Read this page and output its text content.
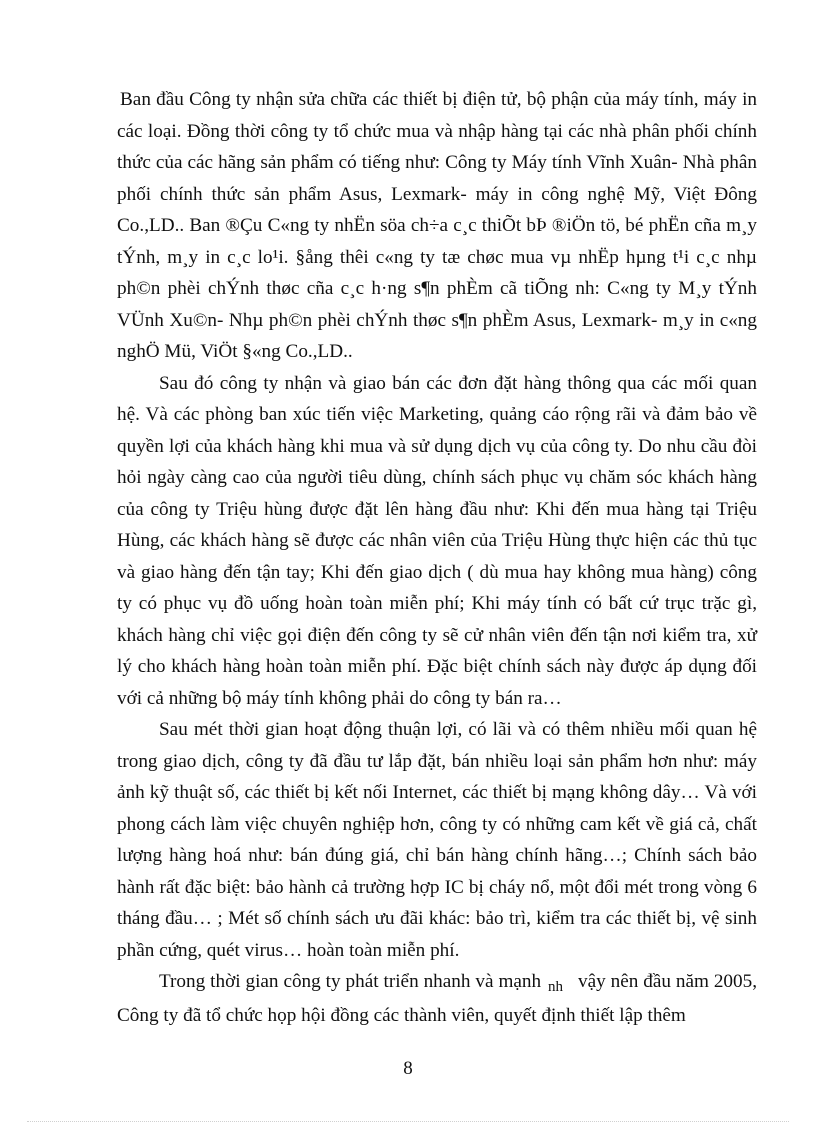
Ban đầu Công ty nhận sửa chữa các thiết bị điện tử, bộ phận của máy tính, máy in các loại. Đồng thời công ty tổ chức mua và nhập hàng tại các nhà phân phối chính thức của các hãng sản phẩm có tiếng như: Công ty Máy tính Vĩnh Xuân- Nhà phân phối chính thức sản phẩm Asus, Lexmark- máy in công nghệ Mỹ, Việt Đông Co.,LD.. Ban ®Çu C«ng ty nhËn söa ch÷a c¸c thiÕt bÞ ®iÖn tö, bé phËn cña m¸y tÝnh, m¸y in c¸c lo¹i. §ång thêi c«ng ty tæ chøc mua vµ nhËp hµng t¹i c¸c nhµ ph©n phèi chÝnh thøc cña c¸c h·ng s¶n phÈm cã tiÕng nh: C«ng ty M¸y tÝnh VÜnh Xu©n- Nhµ ph©n phèi chÝnh thøc s¶n phÈm Asus, Lexmark- m¸y in c«ng nghÖ Mü, ViÖt §«ng Co.,LD..

Sau đó công ty nhận và giao bán các đơn đặt hàng thông qua các mối quan hệ. Và các phòng ban xúc tiến việc Marketing, quảng cáo rộng rãi và đảm bảo về quyền lợi của khách hàng khi mua và sử dụng dịch vụ của công ty. Do nhu cầu đòi hỏi ngày càng cao của người tiêu dùng, chính sách phục vụ chăm sóc khách hàng của công ty Triệu hùng được đặt lên hàng đầu như: Khi đến mua hàng tại Triệu Hùng, các khách hàng sẽ được các nhân viên của Triệu Hùng thực hiện các thủ tục và giao hàng đến tận tay; Khi đến giao dịch ( dù mua hay không mua hàng) công ty có phục vụ đồ uống hoàn toàn miễn phí; Khi máy tính có bất cứ trục trặc gì, khách hàng chỉ việc gọi điện đến công ty sẽ cử nhân viên đến tận nơi kiểm tra, xử lý cho khách hàng hoàn toàn miễn phí. Đặc biệt chính sách này được áp dụng đối với cả những bộ máy tính không phải do công ty bán ra…

Sau mét thời gian hoạt động thuận lợi, có lãi và có thêm nhiều mối quan hệ trong giao dịch, công ty đã đầu tư lắp đặt, bán nhiều loại sản phẩm hơn như: máy ảnh kỹ thuật số, các thiết bị kết nối Internet, các thiết bị mạng không dây… Và với phong cách làm việc chuyên nghiệp hơn, công ty có những cam kết về giá cả, chất lượng hàng hoá như: bán đúng giá, chỉ bán hàng chính hãng…; Chính sách bảo hành rất đặc biệt: bảo hành cả trường hợp IC bị cháy nổ, một đổi mét trong vòng 6 tháng đầu… ; Mét số chính sách ưu đãi khác: bảo trì, kiểm tra các thiết bị, vệ sinh phần cứng, quét virus… hoàn toàn miễn phí.

Trong thời gian công ty phát triển nhanh và mạnh $_{nh}$ vậy nên đầu năm 2005, Công ty đã tổ chức họp hội đồng các thành viên, quyết định thiết lập thêm

8
